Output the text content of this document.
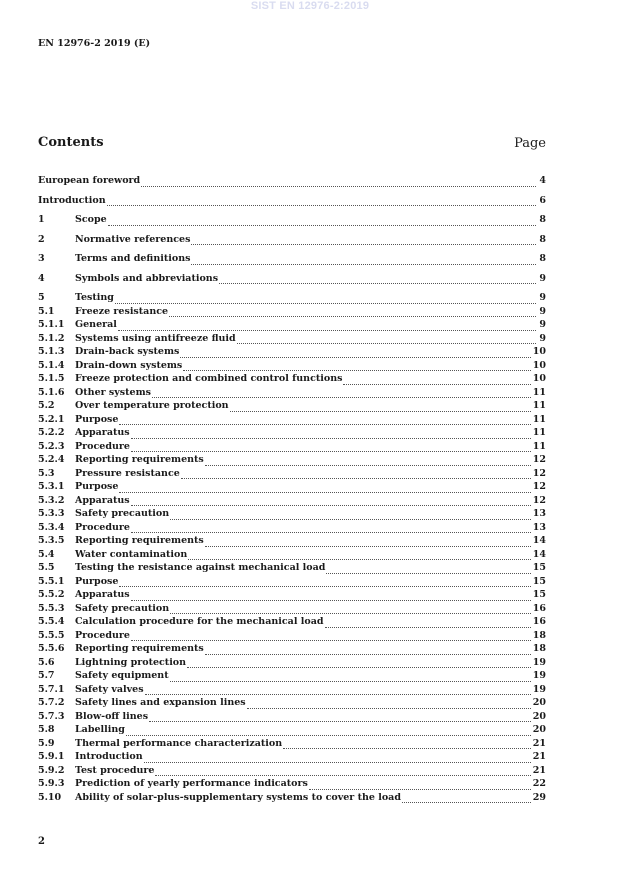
SIST EN 12976-2:2019
EN 12976-2 2019 (E)
Contents	Page
European foreword	4
Introduction	6
1	Scope	8
2	Normative references	8
3	Terms and definitions	8
4	Symbols and abbreviations	9
5	Testing	9
5.1	Freeze resistance	9
5.1.1	General	9
5.1.2	Systems using antifreeze fluid	9
5.1.3	Drain-back systems	10
5.1.4	Drain-down systems	10
5.1.5	Freeze protection and combined control functions	10
5.1.6	Other systems	11
5.2	Over temperature protection	11
5.2.1	Purpose	11
5.2.2	Apparatus	11
5.2.3	Procedure	11
5.2.4	Reporting requirements	12
5.3	Pressure resistance	12
5.3.1	Purpose	12
5.3.2	Apparatus	12
5.3.3	Safety precaution	13
5.3.4	Procedure	13
5.3.5	Reporting requirements	14
5.4	Water contamination	14
5.5	Testing the resistance against mechanical load	15
5.5.1	Purpose	15
5.5.2	Apparatus	15
5.5.3	Safety precaution	16
5.5.4	Calculation procedure for the mechanical load	16
5.5.5	Procedure	18
5.5.6	Reporting requirements	18
5.6	Lightning protection	19
5.7	Safety equipment	19
5.7.1	Safety valves	19
5.7.2	Safety lines and expansion lines	20
5.7.3	Blow-off lines	20
5.8	Labelling	20
5.9	Thermal performance characterization	21
5.9.1	Introduction	21
5.9.2	Test procedure	21
5.9.3	Prediction of yearly performance indicators	22
5.10	Ability of solar-plus-supplementary systems to cover the load	29
2
